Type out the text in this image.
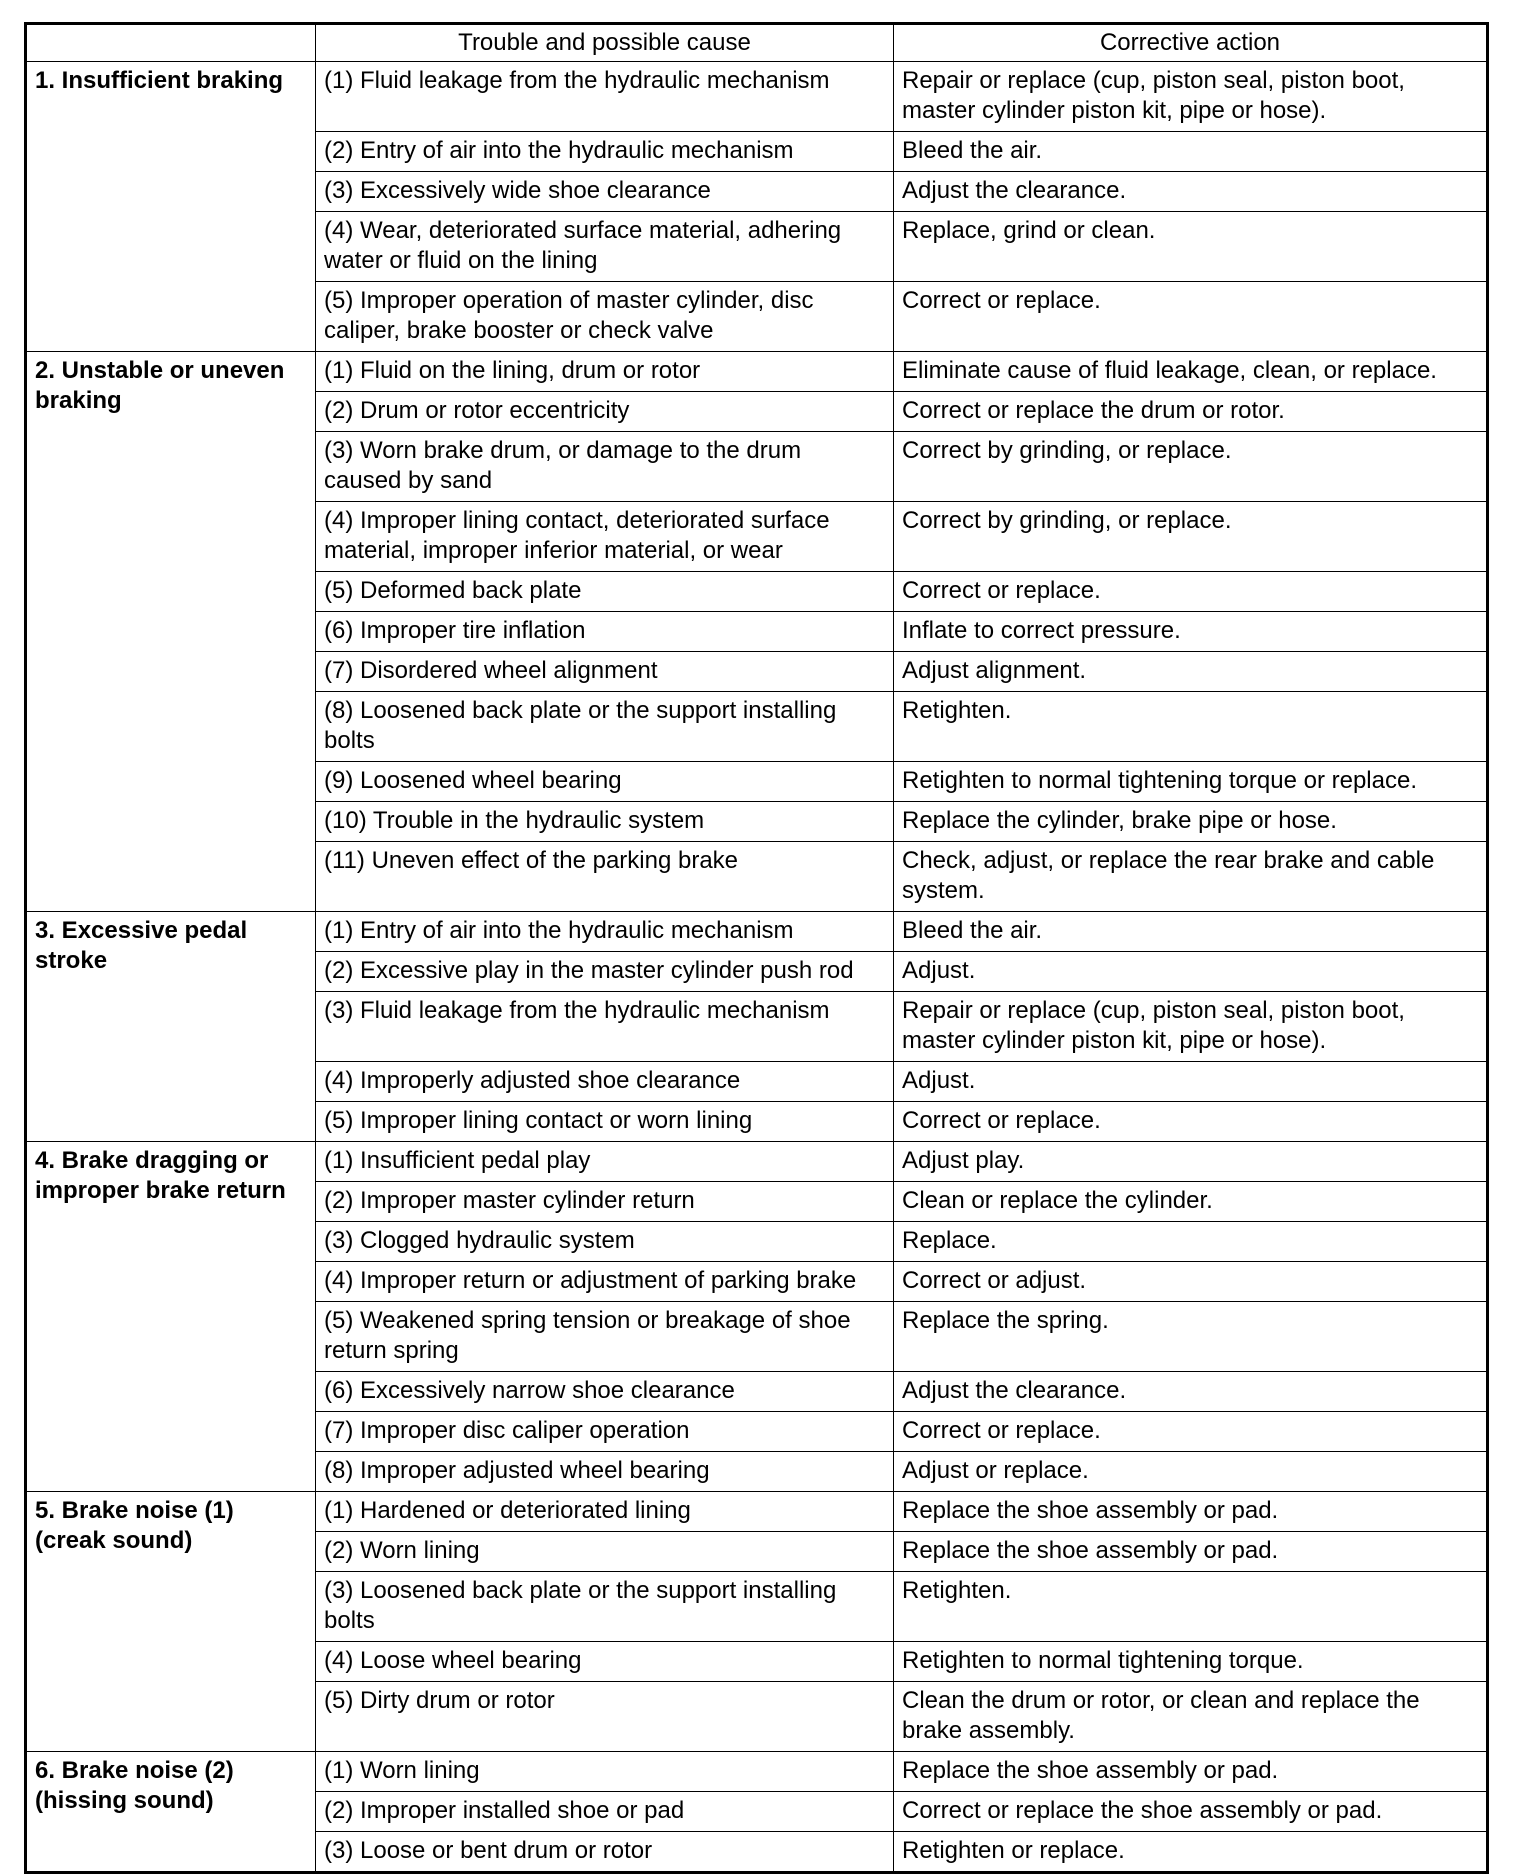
	Trouble and possible cause	Corrective action
1. Insufficient braking	(1) Fluid leakage from the hydraulic mechanism	Repair or replace (cup, piston seal, piston boot, master cylinder piston kit, pipe or hose).
	(2) Entry of air into the hydraulic mechanism	Bleed the air.
	(3) Excessively wide shoe clearance	Adjust the clearance.
	(4) Wear, deteriorated surface material, adhering water or fluid on the lining	Replace, grind or clean.
	(5) Improper operation of master cylinder, disc caliper, brake booster or check valve	Correct or replace.
2. Unstable or uneven braking	(1) Fluid on the lining, drum or rotor	Eliminate cause of fluid leakage, clean, or replace.
	(2) Drum or rotor eccentricity	Correct or replace the drum or rotor.
	(3) Worn brake drum, or damage to the drum caused by sand	Correct by grinding, or replace.
	(4) Improper lining contact, deteriorated surface material, improper inferior material, or wear	Correct by grinding, or replace.
	(5) Deformed back plate	Correct or replace.
	(6) Improper tire inflation	Inflate to correct pressure.
	(7) Disordered wheel alignment	Adjust alignment.
	(8) Loosened back plate or the support installing bolts	Retighten.
	(9) Loosened wheel bearing	Retighten to normal tightening torque or replace.
	(10) Trouble in the hydraulic system	Replace the cylinder, brake pipe or hose.
	(11) Uneven effect of the parking brake	Check, adjust, or replace the rear brake and cable system.
3. Excessive pedal stroke	(1) Entry of air into the hydraulic mechanism	Bleed the air.
	(2) Excessive play in the master cylinder push rod	Adjust.
	(3) Fluid leakage from the hydraulic mechanism	Repair or replace (cup, piston seal, piston boot, master cylinder piston kit, pipe or hose).
	(4) Improperly adjusted shoe clearance	Adjust.
	(5) Improper lining contact or worn lining	Correct or replace.
4. Brake dragging or improper brake return	(1) Insufficient pedal play	Adjust play.
	(2) Improper master cylinder return	Clean or replace the cylinder.
	(3) Clogged hydraulic system	Replace.
	(4) Improper return or adjustment of parking brake	Correct or adjust.
	(5) Weakened spring tension or breakage of shoe return spring	Replace the spring.
	(6) Excessively narrow shoe clearance	Adjust the clearance.
	(7) Improper disc caliper operation	Correct or replace.
	(8) Improper adjusted wheel bearing	Adjust or replace.
5. Brake noise (1) (creak sound)	(1) Hardened or deteriorated lining	Replace the shoe assembly or pad.
	(2) Worn lining	Replace the shoe assembly or pad.
	(3) Loosened back plate or the support installing bolts	Retighten.
	(4) Loose wheel bearing	Retighten to normal tightening torque.
	(5) Dirty drum or rotor	Clean the drum or rotor, or clean and replace the brake assembly.
6. Brake noise (2) (hissing sound)	(1) Worn lining	Replace the shoe assembly or pad.
	(2) Improper installed shoe or pad	Correct or replace the shoe assembly or pad.
	(3) Loose or bent drum or rotor	Retighten or replace.
